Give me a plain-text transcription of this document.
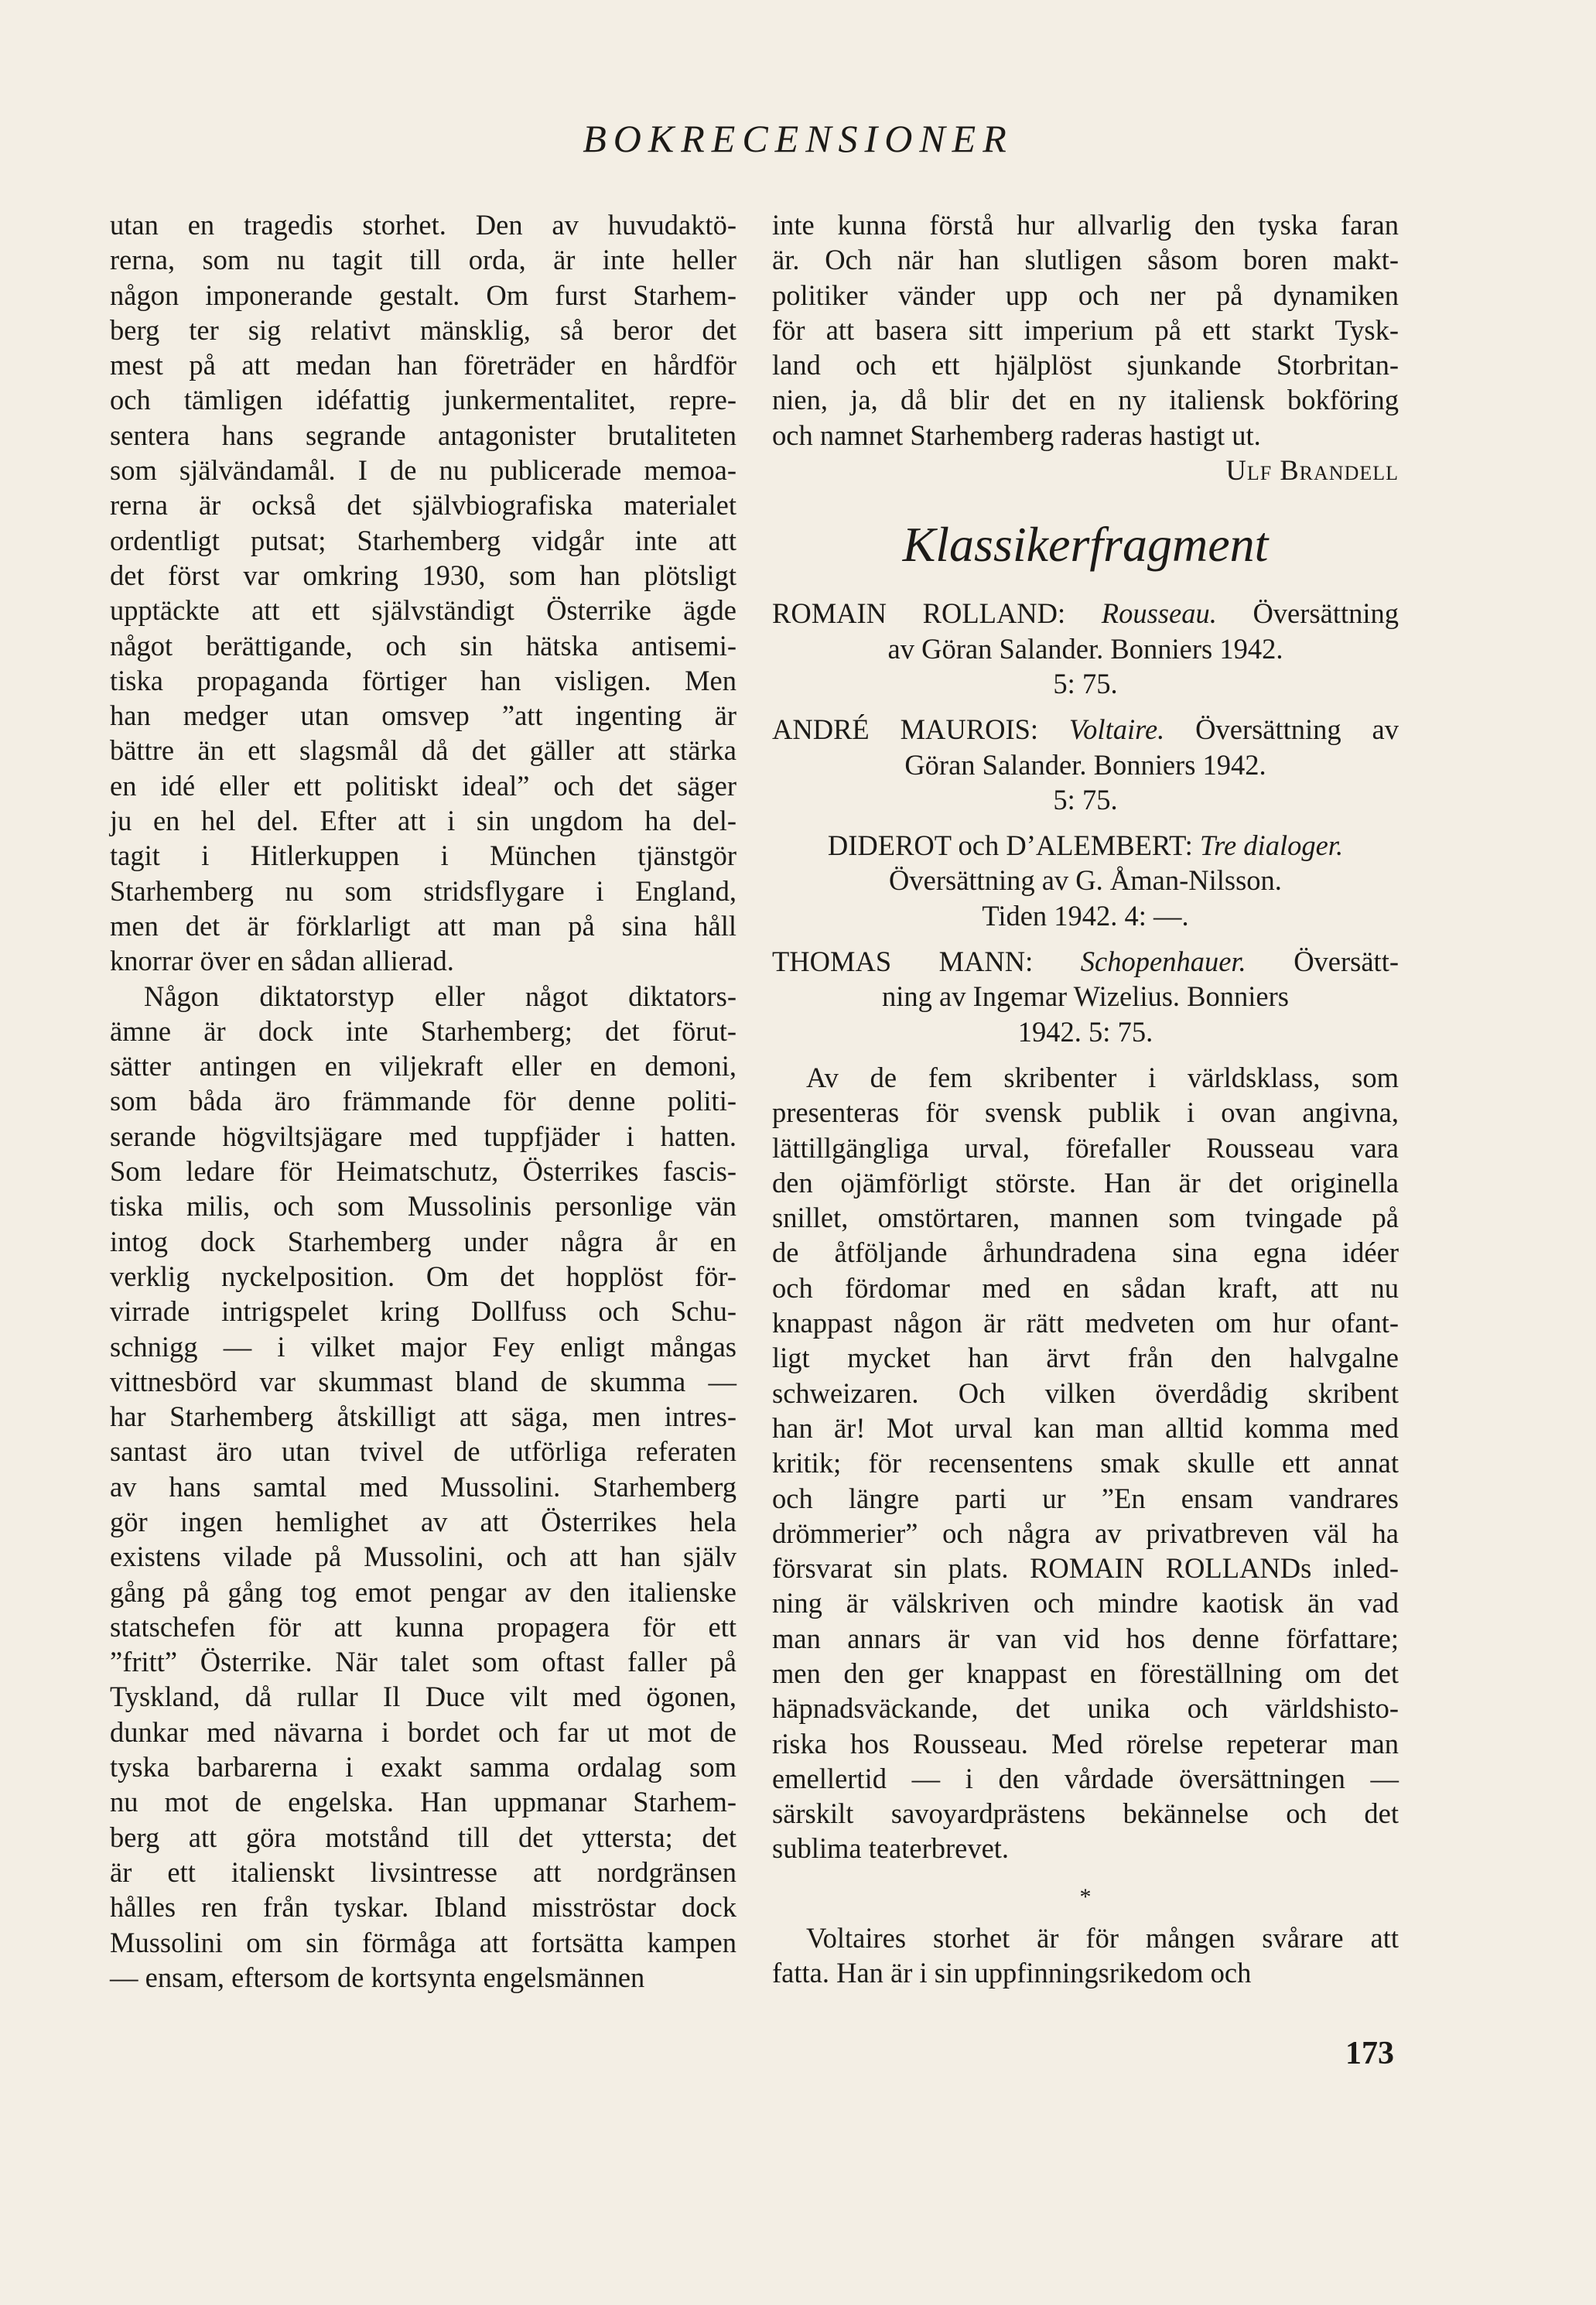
BOKRECENSIONER
utan en tragedis storhet. Den av huvudaktö-
rerna, som nu tagit till orda, är inte heller
någon imponerande gestalt. Om furst Starhem-
berg ter sig relativt mänsklig, så beror det
mest på att medan han företräder en hårdför
och tämligen idéfattig junkermentalitet, repre-
sentera hans segrande antagonister brutaliteten
som självändamål. I de nu publicerade memoa-
rerna är också det självbiografiska materialet
ordentligt putsat; Starhemberg vidgår inte att
det först var omkring 1930, som han plötsligt
upptäckte att ett självständigt Österrike ägde
något berättigande, och sin hätska antisemi-
tiska propaganda förtiger han visligen. Men
han medger utan omsvep ”att ingenting är
bättre än ett slagsmål då det gäller att stärka
en idé eller ett politiskt ideal” och det säger
ju en hel del. Efter att i sin ungdom ha del-
tagit i Hitlerkuppen i München tjänstgör
Starhemberg nu som stridsflygare i England,
men det är förklarligt att man på sina håll
knorrar över en sådan allierad.
Någon diktatorstyp eller något diktators-
ämne är dock inte Starhemberg; det förut-
sätter antingen en viljekraft eller en demoni,
som båda äro främmande för denne politi-
serande högviltsjägare med tuppfjäder i hatten.
Som ledare för Heimatschutz, Österrikes fascis-
tiska milis, och som Mussolinis personlige vän
intog dock Starhemberg under några år en
verklig nyckelposition. Om det hopplöst för-
virrade intrigspelet kring Dollfuss och Schu-
schnigg — i vilket major Fey enligt mångas
vittnesbörd var skummast bland de skumma —
har Starhemberg åtskilligt att säga, men intres-
santast äro utan tvivel de utförliga referaten
av hans samtal med Mussolini. Starhemberg
gör ingen hemlighet av att Österrikes hela
existens vilade på Mussolini, och att han själv
gång på gång tog emot pengar av den italienske
statschefen för att kunna propagera för ett
”fritt” Österrike. När talet som oftast faller på
Tyskland, då rullar Il Duce vilt med ögonen,
dunkar med nävarna i bordet och far ut mot de
tyska barbarerna i exakt samma ordalag som
nu mot de engelska. Han uppmanar Starhem-
berg att göra motstånd till det yttersta; det
är ett italienskt livsintresse att nordgränsen
hålles ren från tyskar. Ibland misströstar dock
Mussolini om sin förmåga att fortsätta kampen
— ensam, eftersom de kortsynta engelsmännen
inte kunna förstå hur allvarlig den tyska faran
är. Och när han slutligen såsom boren makt-
politiker vänder upp och ner på dynamiken
för att basera sitt imperium på ett starkt Tysk-
land och ett hjälplöst sjunkande Storbritan-
nien, ja, då blir det en ny italiensk bokföring
och namnet Starhemberg raderas hastigt ut.
Ulf Brandell
Klassikerfragment
ROMAIN ROLLAND: Rousseau. Översättning
av Göran Salander. Bonniers 1942.
5: 75.
ANDRÉ MAUROIS: Voltaire. Översättning av
Göran Salander. Bonniers 1942.
5: 75.
DIDEROT och D’ALEMBERT: Tre dialoger.
Översättning av G. Åman-Nilsson.
Tiden 1942. 4: —.
THOMAS MANN: Schopenhauer. Översätt-
ning av Ingemar Wizelius. Bonniers
1942. 5: 75.
Av de fem skribenter i världsklass, som
presenteras för svensk publik i ovan angivna,
lättillgängliga urval, förefaller Rousseau vara
den ojämförligt störste. Han är det originella
snillet, omstörtaren, mannen som tvingade på
de åtföljande århundradena sina egna idéer
och fördomar med en sådan kraft, att nu
knappast någon är rätt medveten om hur ofant-
ligt mycket han ärvt från den halvgalne
schweizaren. Och vilken överdådig skribent
han är! Mot urval kan man alltid komma med
kritik; för recensentens smak skulle ett annat
och längre parti ur ”En ensam vandrares
drömmerier” och några av privatbreven väl ha
försvarat sin plats. ROMAIN ROLLANDs inled-
ning är välskriven och mindre kaotisk än vad
man annars är van vid hos denne författare;
men den ger knappast en föreställning om det
häpnadsväckande, det unika och världshisto-
riska hos Rousseau. Med rörelse repeterar man
emellertid — i den vårdade översättningen —
särskilt savoyardprästens bekännelse och det
sublima teaterbrevet.
*
Voltaires storhet är för mången svårare att
fatta. Han är i sin uppfinningsrikedom och
173
